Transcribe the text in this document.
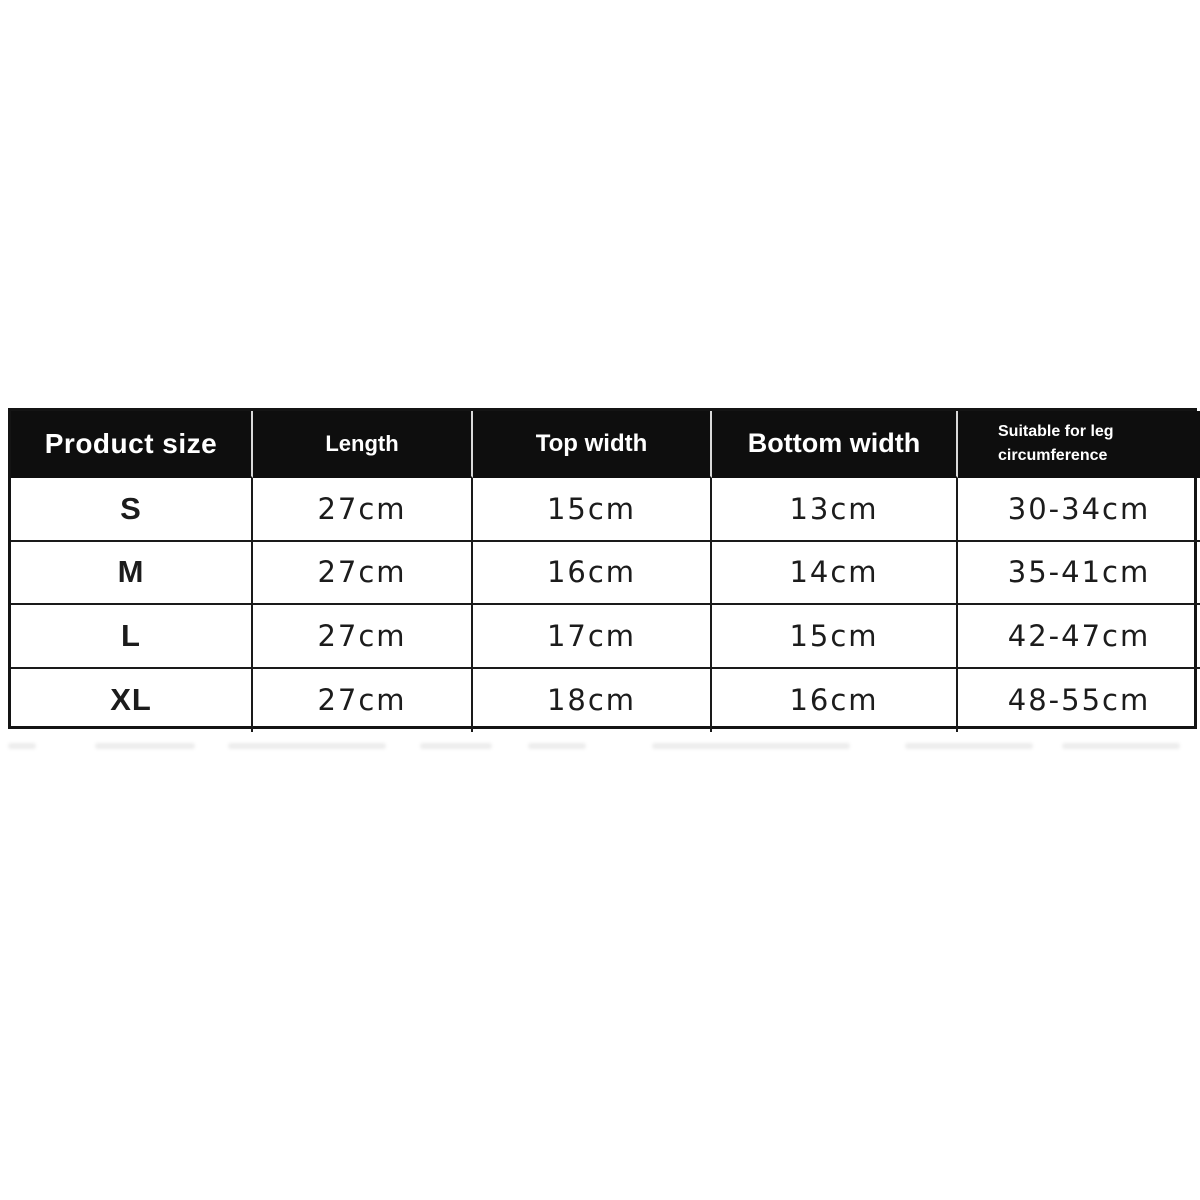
Product size	Length	Top width	Bottom width	Suitable for leg circumference
S	27cm	15cm	13cm	30-34cm
M	27cm	16cm	14cm	35-41cm
L	27cm	17cm	15cm	42-47cm
XL	27cm	18cm	16cm	48-55cm
